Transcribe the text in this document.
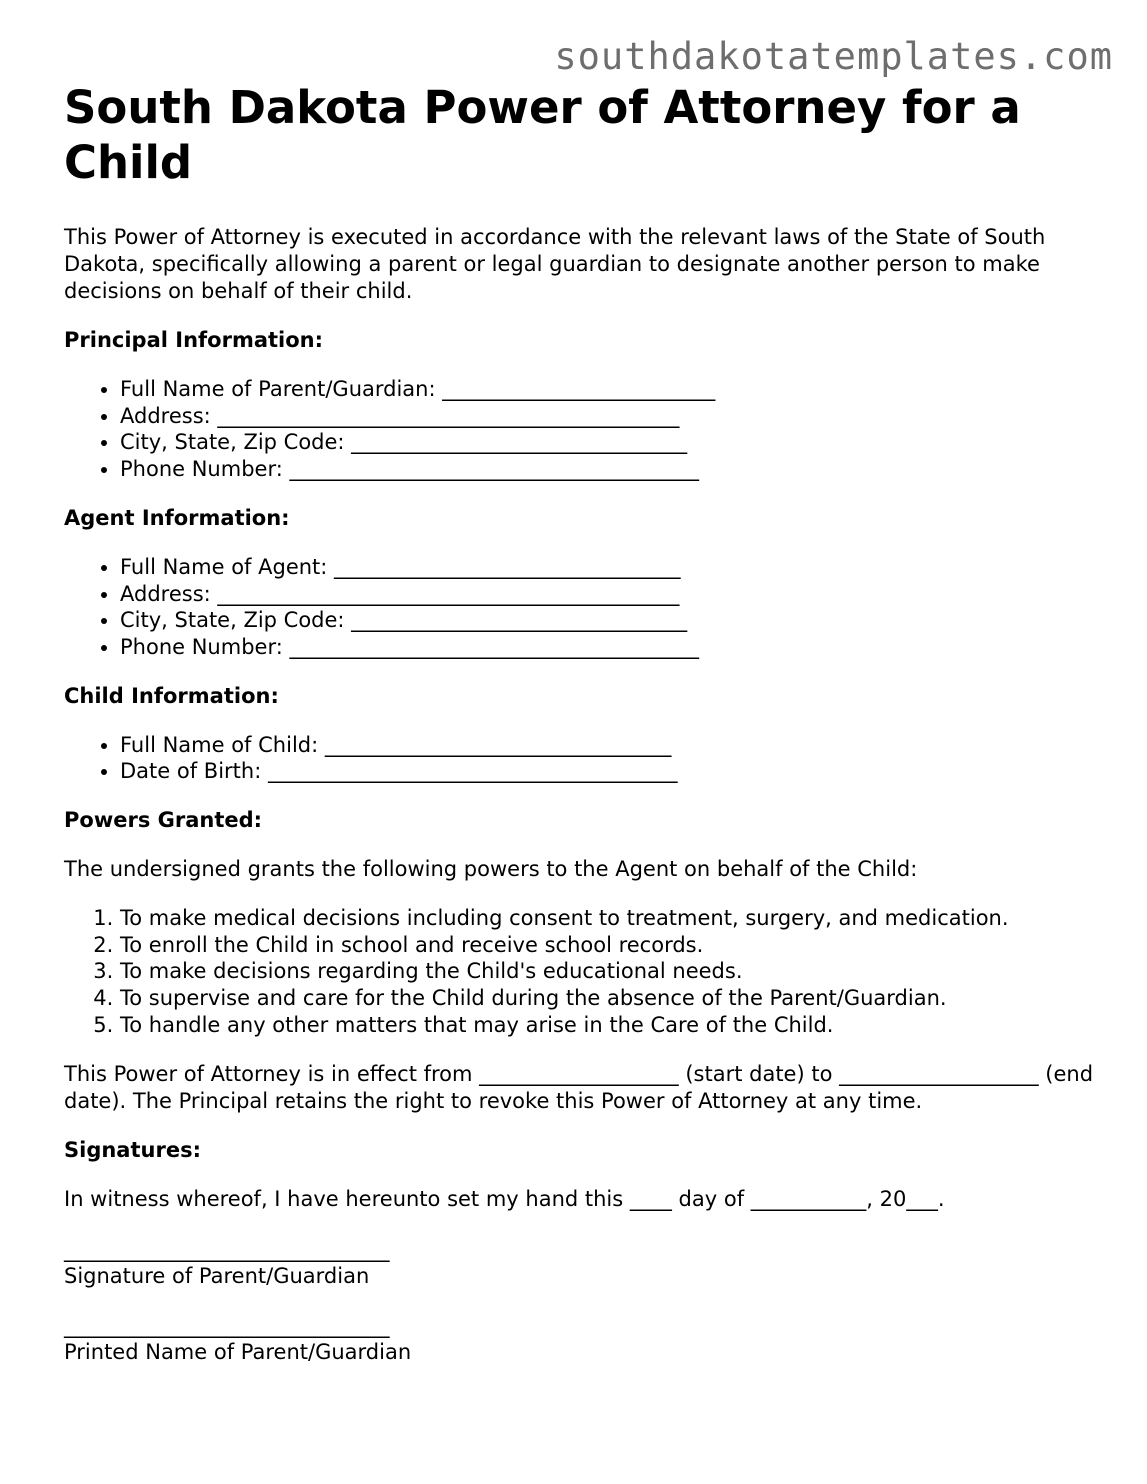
southdakotatemplates.com
South Dakota Power of Attorney for a Child

This Power of Attorney is executed in accordance with the relevant laws of the State of South Dakota, specifically allowing a parent or legal guardian to designate another person to make decisions on behalf of their child.

Principal Information:
• Full Name of Parent/Guardian: __________________________
• Address: ____________________________________________
• City, State, Zip Code: ________________________________
• Phone Number: _______________________________________
Agent Information:
• Full Name of Agent: _________________________________
• Address: ____________________________________________
• City, State, Zip Code: ________________________________
• Phone Number: _______________________________________
Child Information:
• Full Name of Child: _________________________________
• Date of Birth: _______________________________________
Powers Granted:

The undersigned grants the following powers to the Agent on behalf of the Child:

1. To make medical decisions including consent to treatment, surgery, and medication.
2. To enroll the Child in school and receive school records.
3. To make decisions regarding the Child's educational needs.
4. To supervise and care for the Child during the absence of the Parent/Guardian.
5. To handle any other matters that may arise in the Care of the Child.

This Power of Attorney is in effect from ___________________ (start date) to ___________________ (end date). The Principal retains the right to revoke this Power of Attorney at any time.

Signatures:

In witness whereof, I have hereunto set my hand this ____ day of ___________, 20___.

_______________________________
Signature of Parent/Guardian
_______________________________
Printed Name of Parent/Guardian
